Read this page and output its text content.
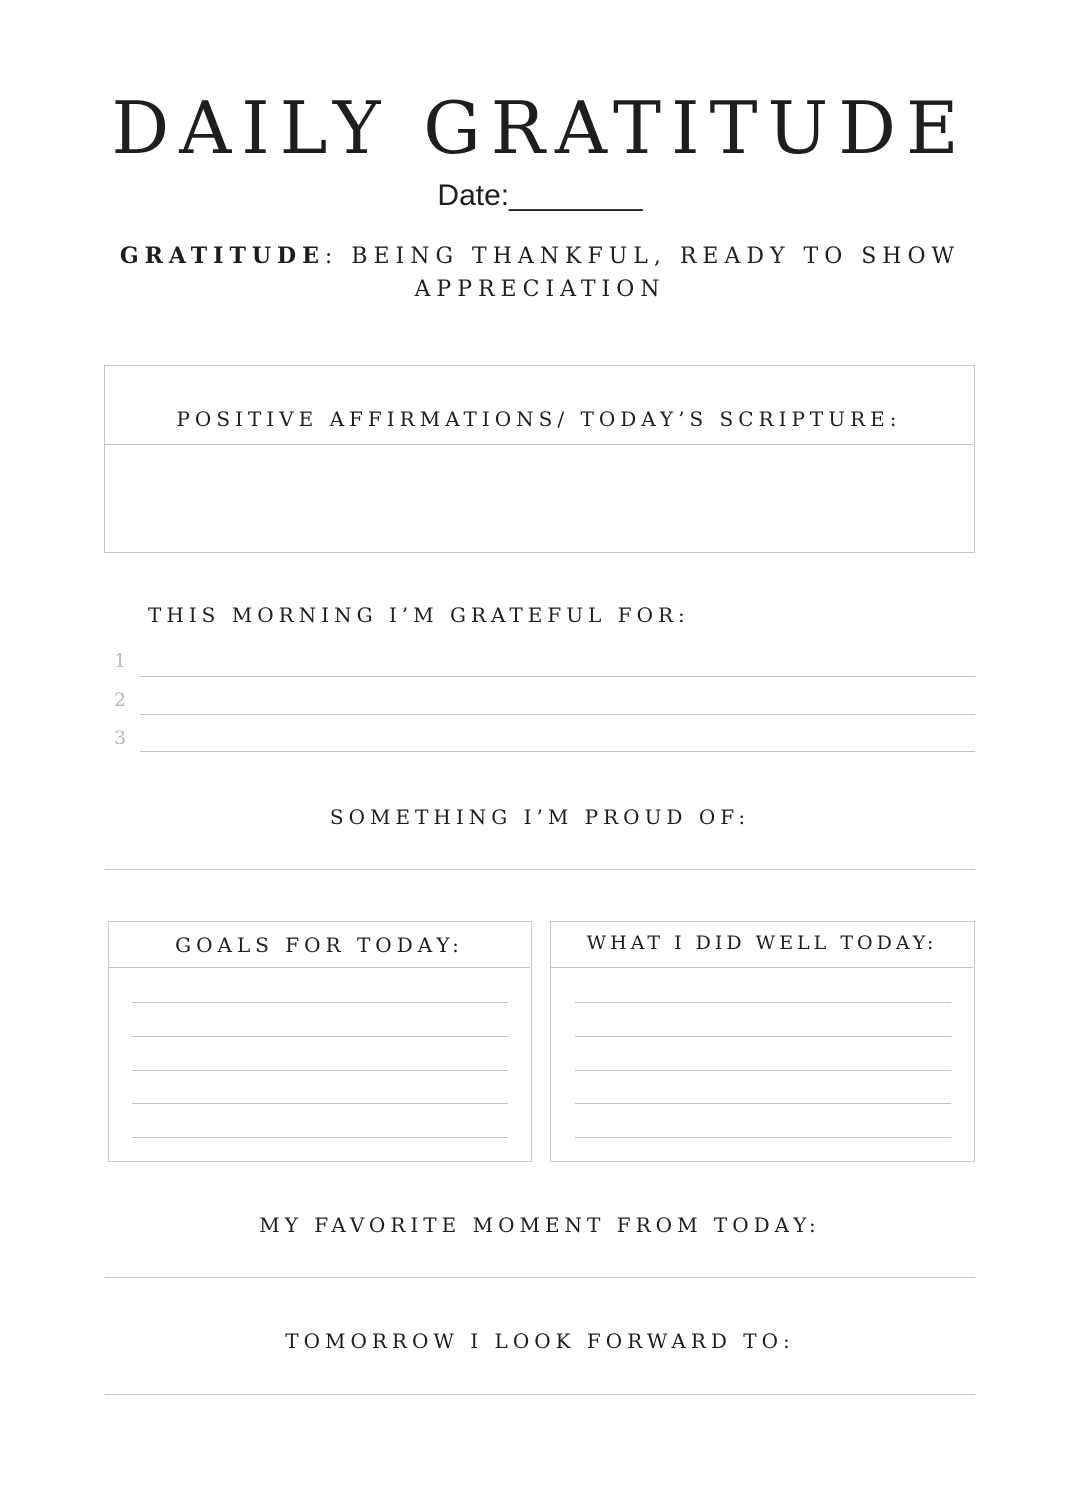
DAILY GRATITUDE
Date:________
GRATITUDE: BEING THANKFUL, READY TO SHOW APPRECIATION
POSITIVE AFFIRMATIONS/ TODAY’S SCRIPTURE:
THIS MORNING I’M GRATEFUL FOR:
1
2
3
SOMETHING I’M PROUD OF:
GOALS FOR TODAY:	WHAT I DID WELL TODAY:
MY FAVORITE MOMENT FROM TODAY:
TOMORROW I LOOK FORWARD TO:
